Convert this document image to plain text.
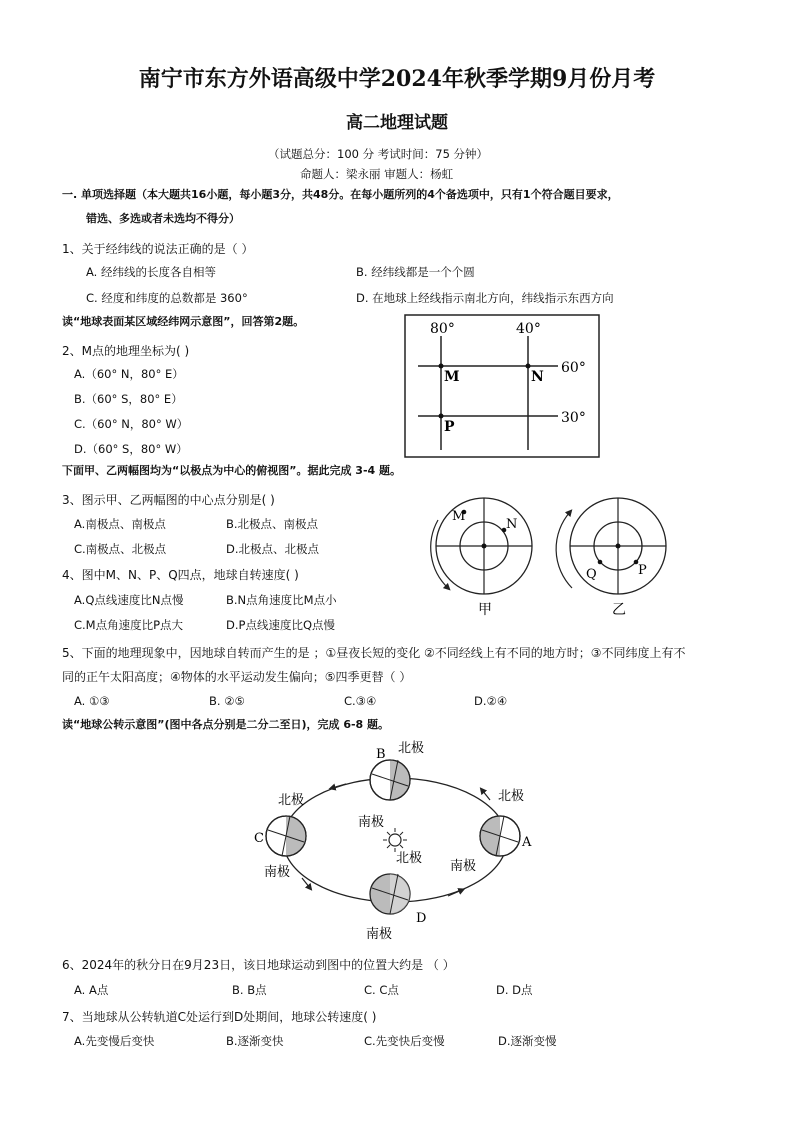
南宁市东方外语高级中学2024年秋季学期9月份月考
高二地理试题
（试题总分：100 分 考试时间：75 分钟）
命题人：梁永丽 审题人：杨虹
一. 单项选择题（本大题共16小题，每小题3分，共48分。在每小题所列的4个备选项中，只有1个符合题目要求，
错选、多选或者未选均不得分）
1、关于经纬线的说法正确的是（ ）
A. 经纬线的长度各自相等	B. 经纬线都是一个个圆
C. 经度和纬度的总数都是 360°	D. 在地球上经线指示南北方向，纬线指示东西方向
读“地球表面某区域经纬网示意图”，回答第2题。
2、M点的地理坐标为( )
A.（60° N，80° E）
B.（60° S，80° E）
C.（60° N，80° W）
D.（60° S，80° W）
80°	40°
60°
30°
M	N
P
下面甲、乙两幅图均为“以极点为中心的俯视图”。据此完成 3-4 题。
3、图示甲、乙两幅图的中心点分别是( )
A.南极点、南极点	B.北极点、南极点
C.南极点、北极点	D.北极点、北极点
4、图中M、N、P、Q四点，地球自转速度( )
A.Q点线速度比N点慢	B.N点角速度比M点小
C.M点角速度比P点大	D.P点线速度比Q点慢
M
N
甲
Q	P
乙
5、下面的地理现象中，因地球自转而产生的是 ；①昼夜长短的变化 ②不同经线上有不同的地方时；③不同纬度上有不
同的正午太阳高度；④物体的水平运动发生偏向；⑤四季更替（ ）
A. ①③	B. ②⑤	C.③④	D.②④
读“地球公转示意图”(图中各点分别是二分二至日)，完成 6-8 题。
B 北极
南极
C
北极
南极
A
北极
南极
D
北极
南极
6、2024年的秋分日在9月23日，该日地球运动到图中的位置大约是 （ ）
A. A点	B. B点	C. C点	D. D点
7、当地球从公转轨道C处运行到D处期间，地球公转速度( )
A.先变慢后变快	B.逐渐变快	C.先变快后变慢	D.逐渐变慢
